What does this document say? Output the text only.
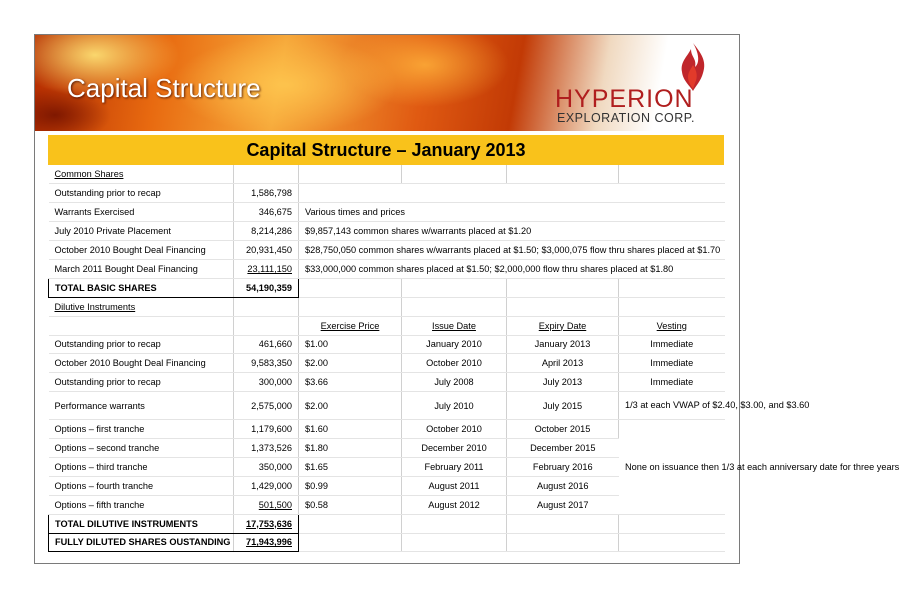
Capital Structure	HYPERION
EXPLORATION CORP.
Capital Structure – January 2013
Common Shares					
Outstanding prior to recap	1,586,798				
Warrants Exercised	346,675	Various times and prices			
July 2010 Private Placement	8,214,286	$9,857,143 common shares w/warrants placed at $1.20			
October 2010 Bought Deal Financing	20,931,450	$28,750,050 common shares w/warrants placed at $1.50; $3,000,075 flow thru shares placed at $1.70			
March 2011 Bought Deal Financing	23,111,150	$33,000,000 common shares placed at $1.50; $2,000,000 flow thru shares placed at $1.80			
TOTAL BASIC SHARES	54,190,359				
Dilutive Instruments					
		Exercise Price	Issue Date	Expiry Date	Vesting
Outstanding prior to recap	461,660	$1.00	January 2010	January 2013	Immediate
October 2010 Bought Deal Financing	9,583,350	$2.00	October 2010	April 2013	Immediate
Outstanding prior to recap	300,000	$3.66	July 2008	July 2013	Immediate
Performance warrants	2,575,000	$2.00	July 2010	July 2015	1/3 at each VWAP of $2.40, $3.00, and $3.60
Options – first tranche	1,179,600	$1.60	October 2010	October 2015	None on issuance then 1/3 at each anniversary date for three years
Options – second tranche	1,373,526	$1.80	December 2010	December 2015	
Options – third tranche	350,000	$1.65	February 2011	February 2016	
Options – fourth tranche	1,429,000	$0.99	August 2011	August 2016	
Options – fifth tranche	501,500	$0.58	August 2012	August 2017	
TOTAL DILUTIVE INSTRUMENTS	17,753,636				
FULLY DILUTED SHARES OUSTANDING	71,943,996				
